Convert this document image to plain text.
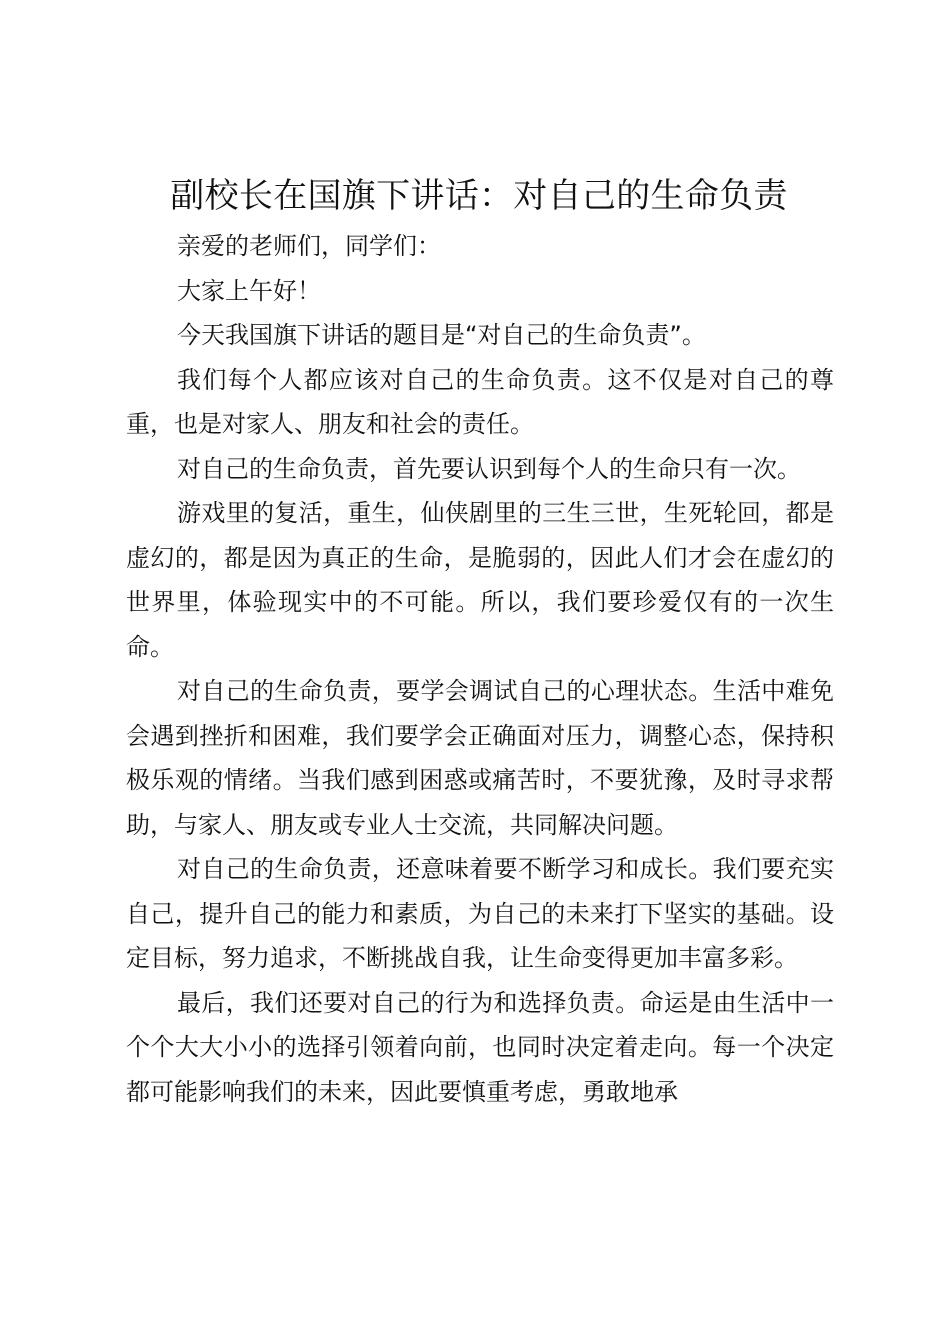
副校长在国旗下讲话：对自己的生命负责

亲爱的老师们，同学们：

大家上午好！

今天我国旗下讲话的题目是“对自己的生命负责”。

我们每个人都应该对自己的生命负责。这不仅是对自己的尊重，也是对家人、朋友和社会的责任。

对自己的生命负责，首先要认识到每个人的生命只有一次。

游戏里的复活，重生，仙侠剧里的三生三世，生死轮回，都是虚幻的，都是因为真正的生命，是脆弱的，因此人们才会在虚幻的世界里，体验现实中的不可能。所以，我们要珍爱仅有的一次生命。

对自己的生命负责，要学会调试自己的心理状态。生活中难免会遇到挫折和困难，我们要学会正确面对压力，调整心态，保持积极乐观的情绪。当我们感到困惑或痛苦时，不要犹豫，及时寻求帮助，与家人、朋友或专业人士交流，共同解决问题。

对自己的生命负责，还意味着要不断学习和成长。我们要充实自己，提升自己的能力和素质，为自己的未来打下坚实的基础。设定目标，努力追求，不断挑战自我，让生命变得更加丰富多彩。

最后，我们还要对自己的行为和选择负责。命运是由生活中一个个大大小小的选择引领着向前，也同时决定着走向。每一个决定都可能影响我们的未来，因此要慎重考虑，勇敢地承
